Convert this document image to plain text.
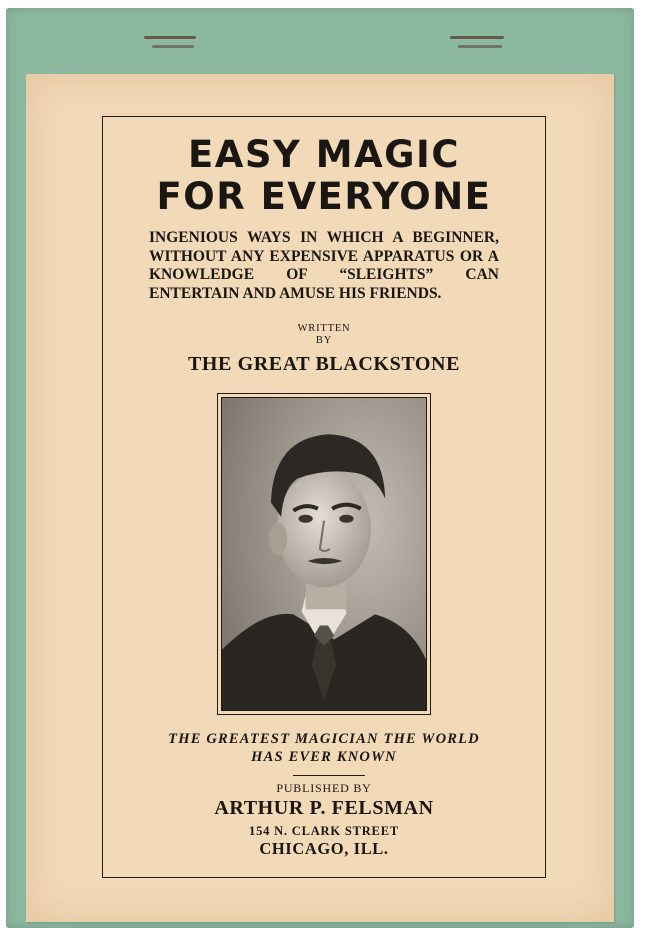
EASY MAGIC
FOR EVERYONE
INGENIOUS WAYS IN WHICH A BEGINNER, WITHOUT ANY EXPENSIVE APPARATUS OR A KNOWLEDGE OF “SLEIGHTS” CAN ENTERTAIN AND AMUSE HIS FRIENDS.
WRITTEN
BY
THE GREAT BLACKSTONE
THE GREATEST MAGICIAN THE WORLD
HAS EVER KNOWN
PUBLISHED BY
ARTHUR P. FELSMAN
154 N. CLARK STREET
CHICAGO, ILL.
